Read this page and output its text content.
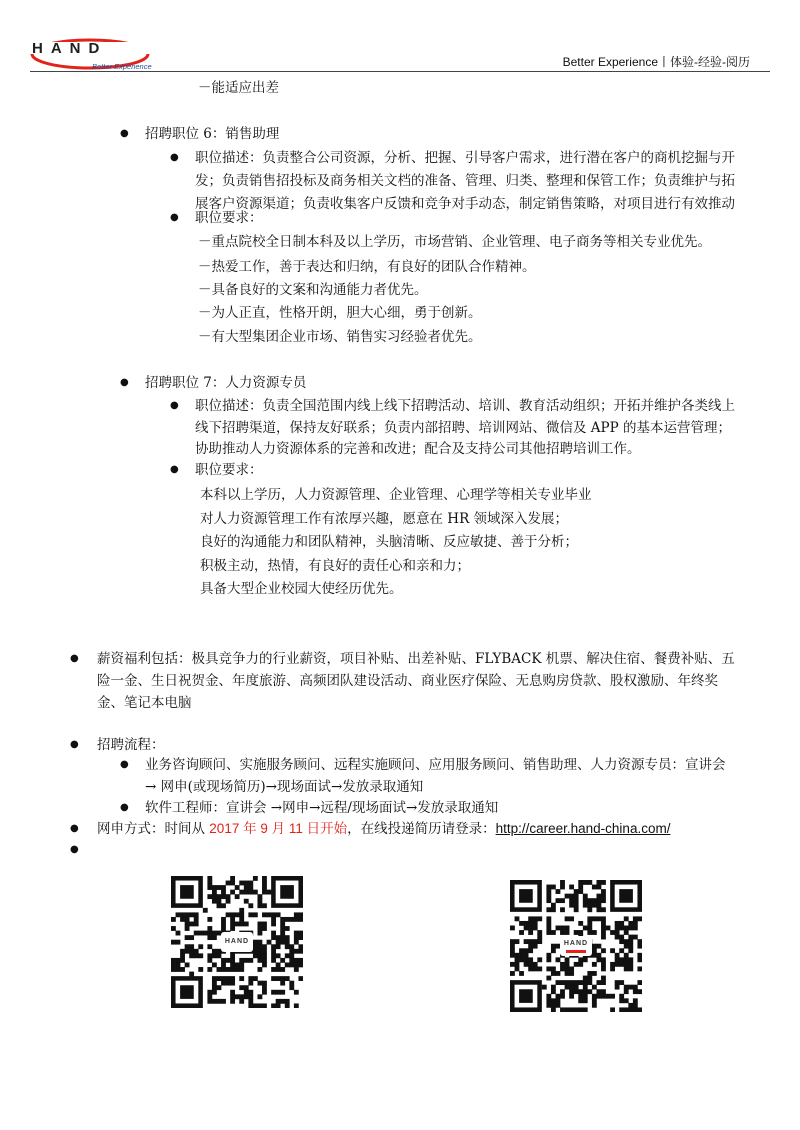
HAND
Better Experience	Better Experience丨体验-经验-阅历
－能适应出差
● 招聘职位 6：销售助理
● 职位描述：负责整合公司资源，分析、把握、引导客户需求，进行潜在客户的商机挖掘与开
发；负责销售招投标及商务相关文档的准备、管理、归类、整理和保管工作；负责维护与拓
展客户资源渠道；负责收集客户反馈和竞争对手动态，制定销售策略，对项目进行有效推动
● 职位要求：
－重点院校全日制本科及以上学历，市场营销、企业管理、电子商务等相关专业优先。
－热爱工作，善于表达和归纳，有良好的团队合作精神。
－具备良好的文案和沟通能力者优先。
－为人正直，性格开朗，胆大心细，勇于创新。
－有大型集团企业市场、销售实习经验者优先。
● 招聘职位 7：人力资源专员
● 职位描述：负责全国范围内线上线下招聘活动、培训、教育活动组织；开拓并维护各类线上
线下招聘渠道，保持友好联系；负责内部招聘、培训网站、微信及 APP 的基本运营管理；
协助推动人力资源体系的完善和改进；配合及支持公司其他招聘培训工作。
● 职位要求：
本科以上学历，人力资源管理、企业管理、心理学等相关专业毕业
对人力资源管理工作有浓厚兴趣，愿意在 HR 领域深入发展；
良好的沟通能力和团队精神，头脑清晰、反应敏捷、善于分析；
积极主动，热情，有良好的责任心和亲和力；
具备大型企业校园大使经历优先。
● 薪资福利包括：极具竞争力的行业薪资，项目补贴、出差补贴、FLYBACK 机票、解决住宿、餐费补贴、五
险一金、生日祝贺金、年度旅游、高频团队建设活动、商业医疗保险、无息购房贷款、股权激励、年终奖
金、笔记本电脑
● 招聘流程：
● 业务咨询顾问、实施服务顾问、远程实施顾问、应用服务顾问、销售助理、人力资源专员：宣讲会
→ 网申(或现场简历)→现场面试→发放录取通知
● 软件工程师：宣讲会 →网申→远程/现场面试→发放录取通知
● 网申方式：时间从 2017 年 9 月 11 日开始，在线投递简历请登录：http://career.hand-china.com/
●
HAND	HAND
